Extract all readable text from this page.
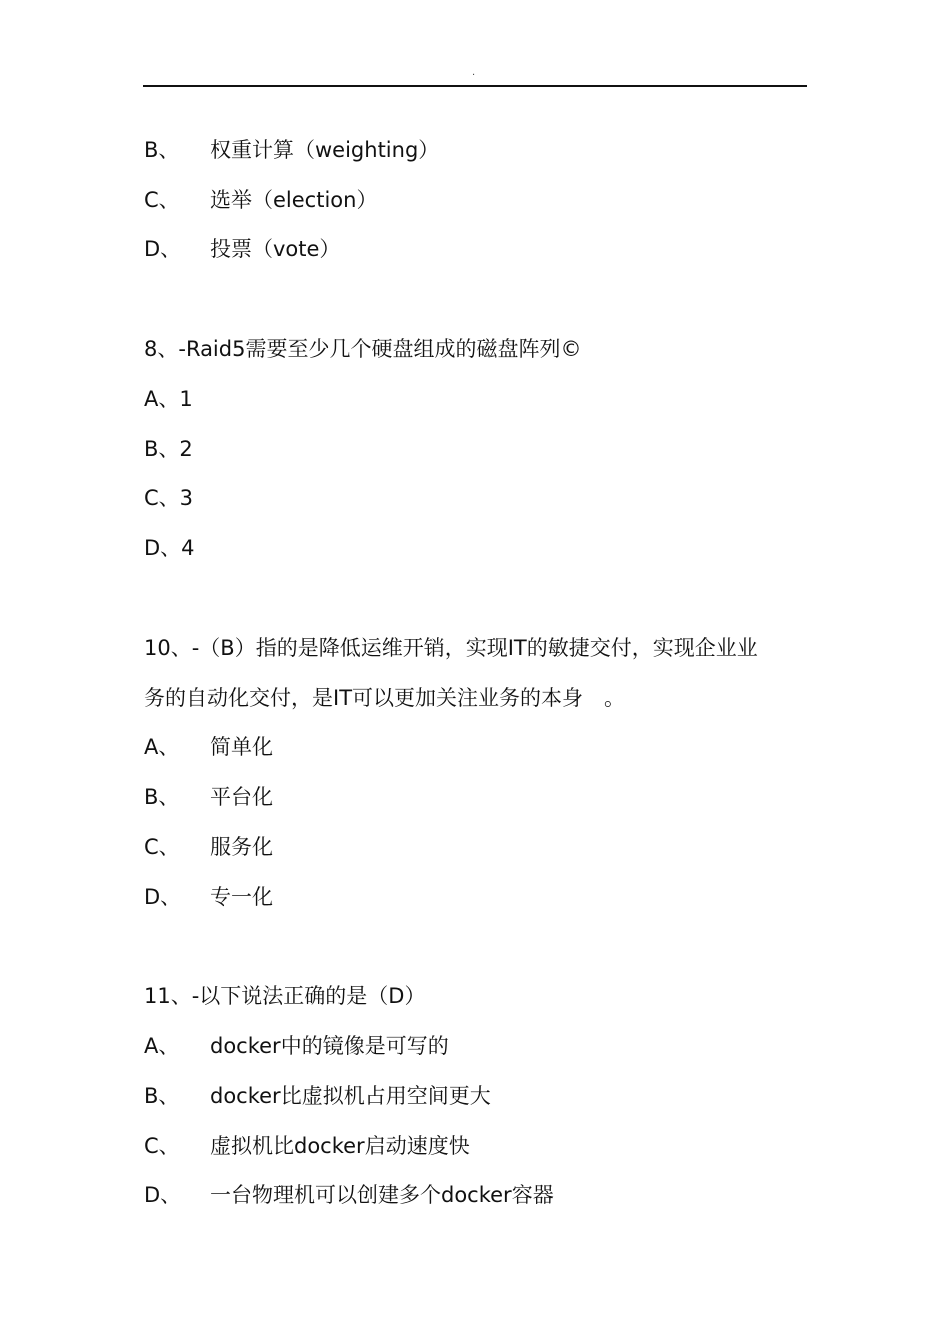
.
B、 权重计算（weighting）
C、 选举（election）
D、 投票（vote）
8、-Raid5需要至少几个硬盘组成的磁盘阵列©
A、1
B、2
C、3
D、4
10、-（B）指的是降低运维开销，实现IT的敏捷交付，实现企业业
务的自动化交付，是IT可以更加关注业务的本身　。
A、 简单化
B、 平台化
C、 服务化
D、 专一化
11、-以下说法正确的是（D）
A、 docker中的镜像是可写的
B、 docker比虚拟机占用空间更大
C、 虚拟机比docker启动速度快
D、 一台物理机可以创建多个docker容器
